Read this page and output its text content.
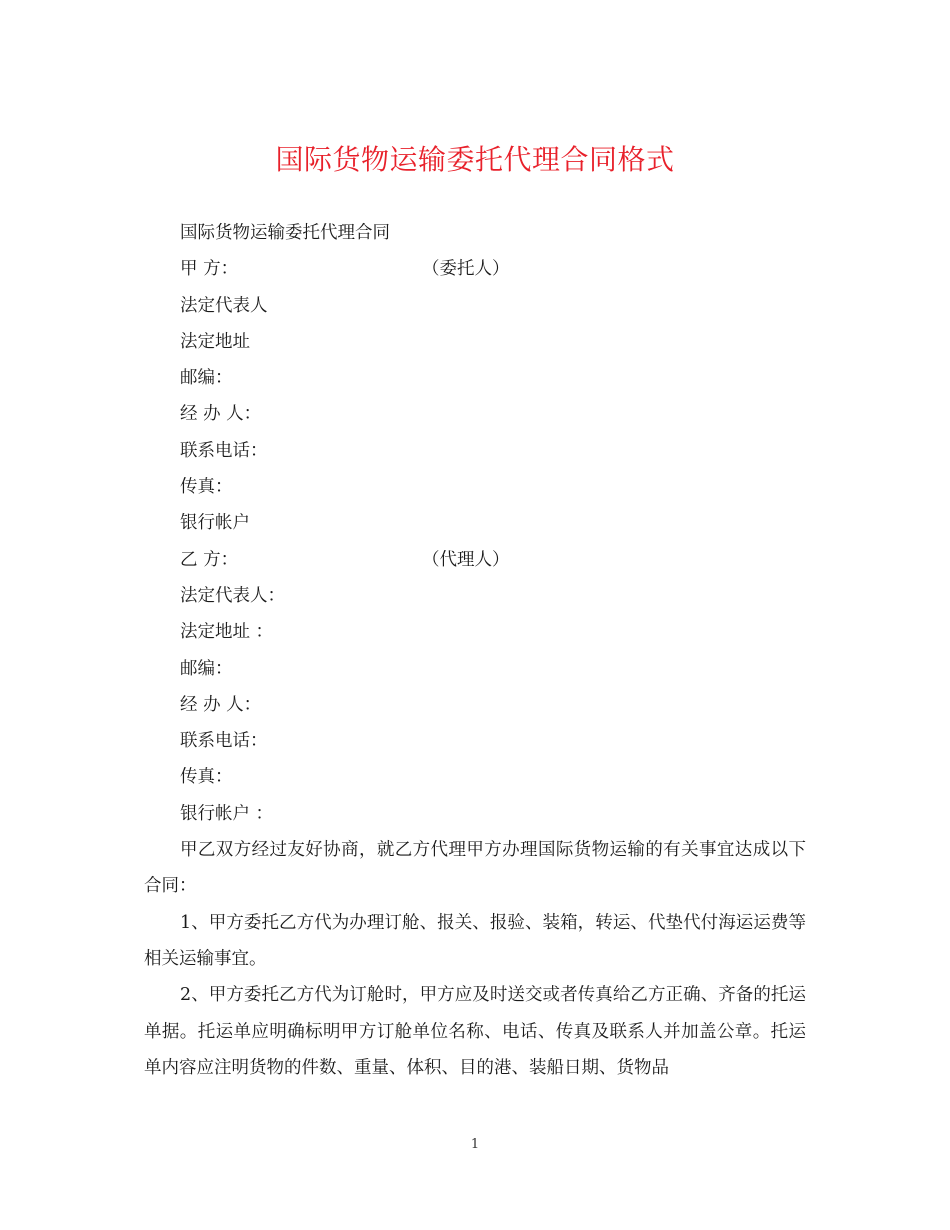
国际货物运输委托代理合同格式
国际货物运输委托代理合同
甲 方：	（委托人）
法定代表人
法定地址
邮编：
经 办 人：
联系电话：
传真：
银行帐户
乙 方：	（代理人）
法定代表人：
法定地址 ：
邮编：
经 办 人：
联系电话：
传真：
银行帐户 ：
甲乙双方经过友好协商，就乙方代理甲方办理国际货物运输的有关事宜达成以下合同：
1、甲方委托乙方代为办理订舱、报关、报验、装箱，转运、代垫代付海运运费等相关运输事宜。
2、甲方委托乙方代为订舱时，甲方应及时送交或者传真给乙方正确、齐备的托运单据。托运单应明确标明甲方订舱单位名称、电话、传真及联系人并加盖公章。托运单内容应注明货物的件数、重量、体积、目的港、装船日期、货物品
1
